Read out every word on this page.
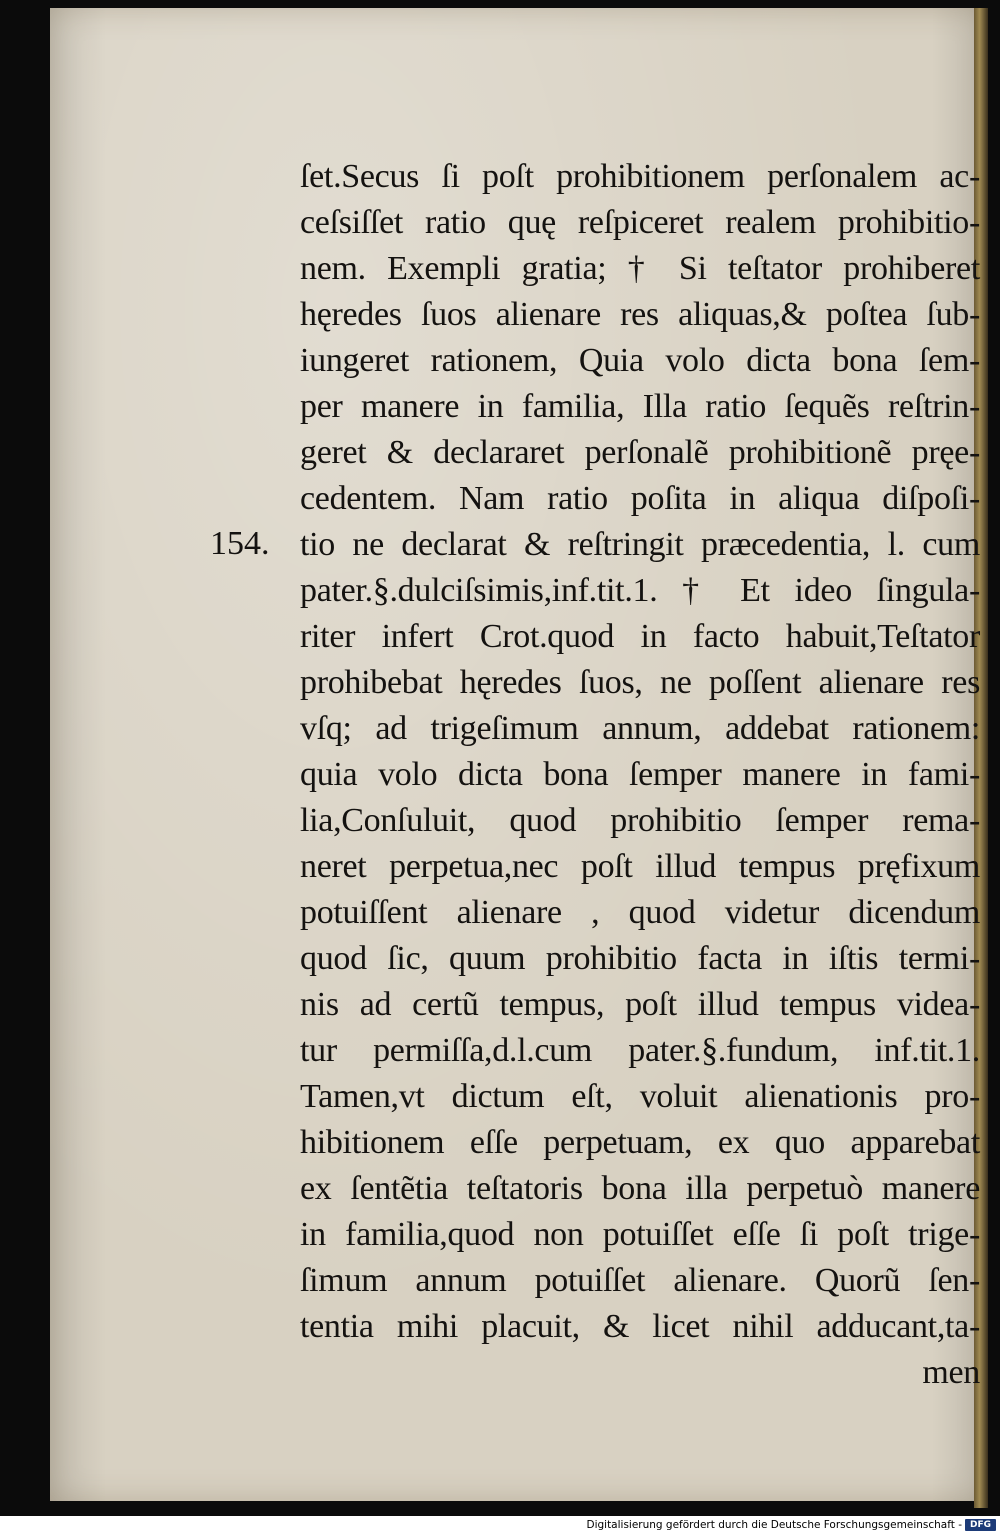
154.
ſet.Secus ſi poſt prohibitionem perſonalem ac-
ceſsiſſet ratio quę reſpiceret realem prohibitio-
nem. Exempli gratia; † Si teſtator prohiberet
hęredes ſuos alienare res aliquas,& poſtea ſub-
iungeret rationem, Quia volo dicta bona ſem-
per manere in familia, Illa ratio ſequẽs reſtrin-
geret & declararet perſonalẽ prohibitionẽ pręe-
cedentem. Nam ratio poſita in aliqua diſpoſi-
tio ne declarat & reſtringit præcedentia, l. cum
pater.§.dulciſsimis,inf.tit.1. † Et ideo ſingula-
riter infert Crot.quod in facto habuit,Teſtator
prohibebat hęredes ſuos, ne poſſent alienare res
vſq; ad trigeſimum annum, addebat rationem:
quia volo dicta bona ſemper manere in fami-
lia,Conſuluit, quod prohibitio ſemper rema-
neret perpetua,nec poſt illud tempus pręfixum
potuiſſent alienare , quod videtur dicendum
quod ſic, quum prohibitio facta in iſtis termi-
nis ad certũ tempus, poſt illud tempus videa-
tur permiſſa,d.l.cum pater.§.fundum, inf.tit.1.
Tamen,vt dictum eſt, voluit alienationis pro-
hibitionem eſſe perpetuam, ex quo apparebat
ex ſentẽtia teſtatoris bona illa perpetuò manere
in familia,quod non potuiſſet eſſe ſi poſt trige-
ſimum annum potuiſſet alienare. Quorũ ſen-
tentia mihi placuit, & licet nihil adducant,ta-
men
Digitalisierung gefördert durch die Deutsche Forschungsgemeinschaft - DFG
